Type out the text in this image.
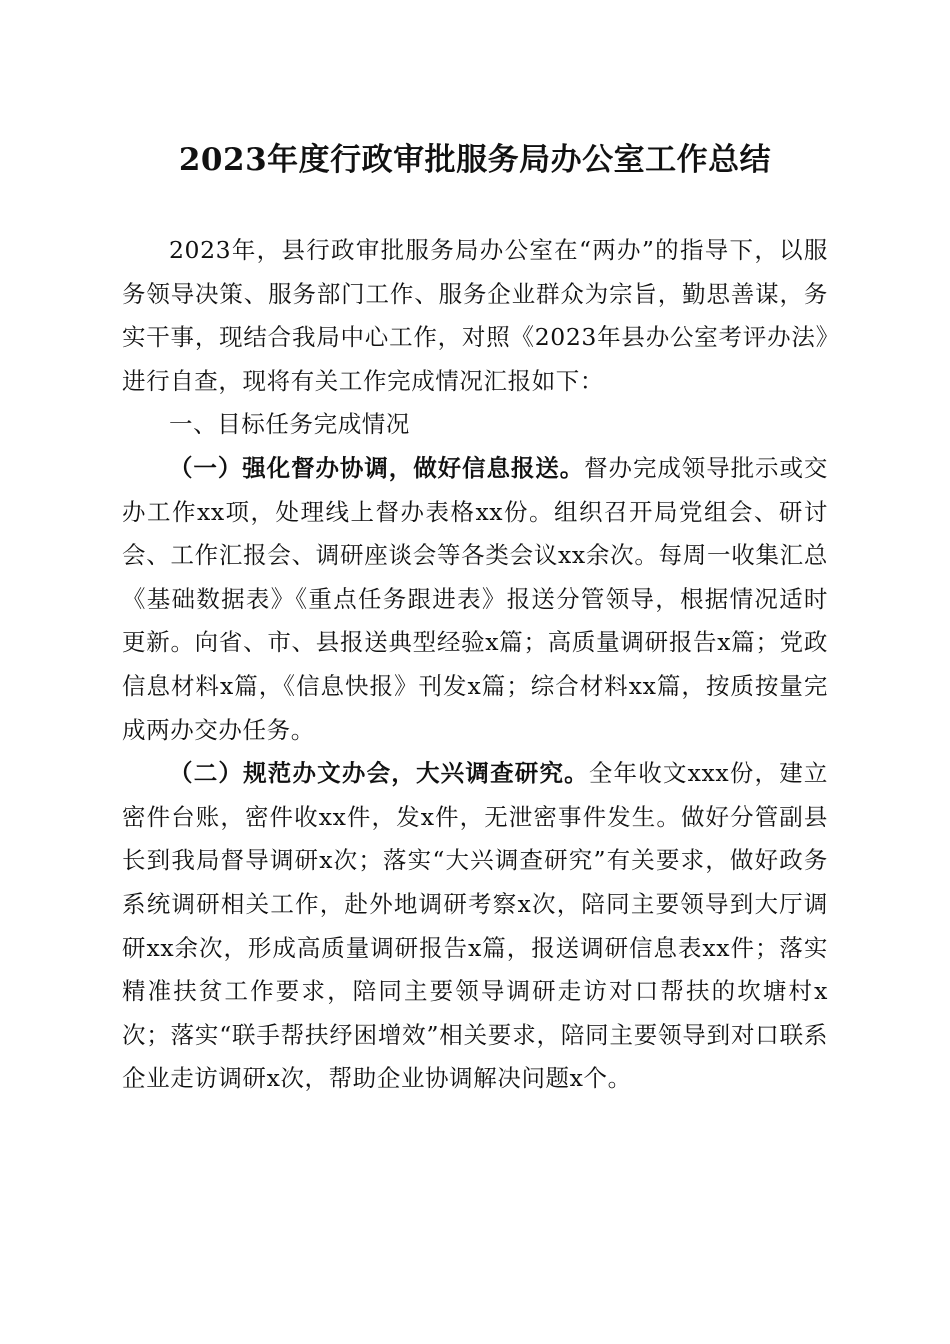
2023年度行政审批服务局办公室工作总结

2023年，县行政审批服务局办公室在“两办”的指导下，以服务领导决策、服务部门工作、服务企业群众为宗旨，勤思善谋，务实干事，现结合我局中心工作，对照《2023年县办公室考评办法》进行自查，现将有关工作完成情况汇报如下：

一、目标任务完成情况

（一）强化督办协调，做好信息报送。督办完成领导批示或交办工作xx项，处理线上督办表格xx份。组织召开局党组会、研讨会、工作汇报会、调研座谈会等各类会议xx余次。每周一收集汇总《基础数据表》《重点任务跟进表》报送分管领导，根据情况适时更新。向省、市、县报送典型经验x篇；高质量调研报告x篇；党政信息材料x篇，《信息快报》刊发x篇；综合材料xx篇，按质按量完成两办交办任务。

（二）规范办文办会，大兴调查研究。全年收文xxx份，建立密件台账，密件收xx件，发x件，无泄密事件发生。做好分管副县长到我局督导调研x次；落实“大兴调查研究”有关要求，做好政务系统调研相关工作，赴外地调研考察x次，陪同主要领导到大厅调研xx余次，形成高质量调研报告x篇，报送调研信息表xx件；落实精准扶贫工作要求，陪同主要领导调研走访对口帮扶的坎塘村x次；落实“联手帮扶纾困增效”相关要求，陪同主要领导到对口联系企业走访调研x次，帮助企业协调解决问题x个。
